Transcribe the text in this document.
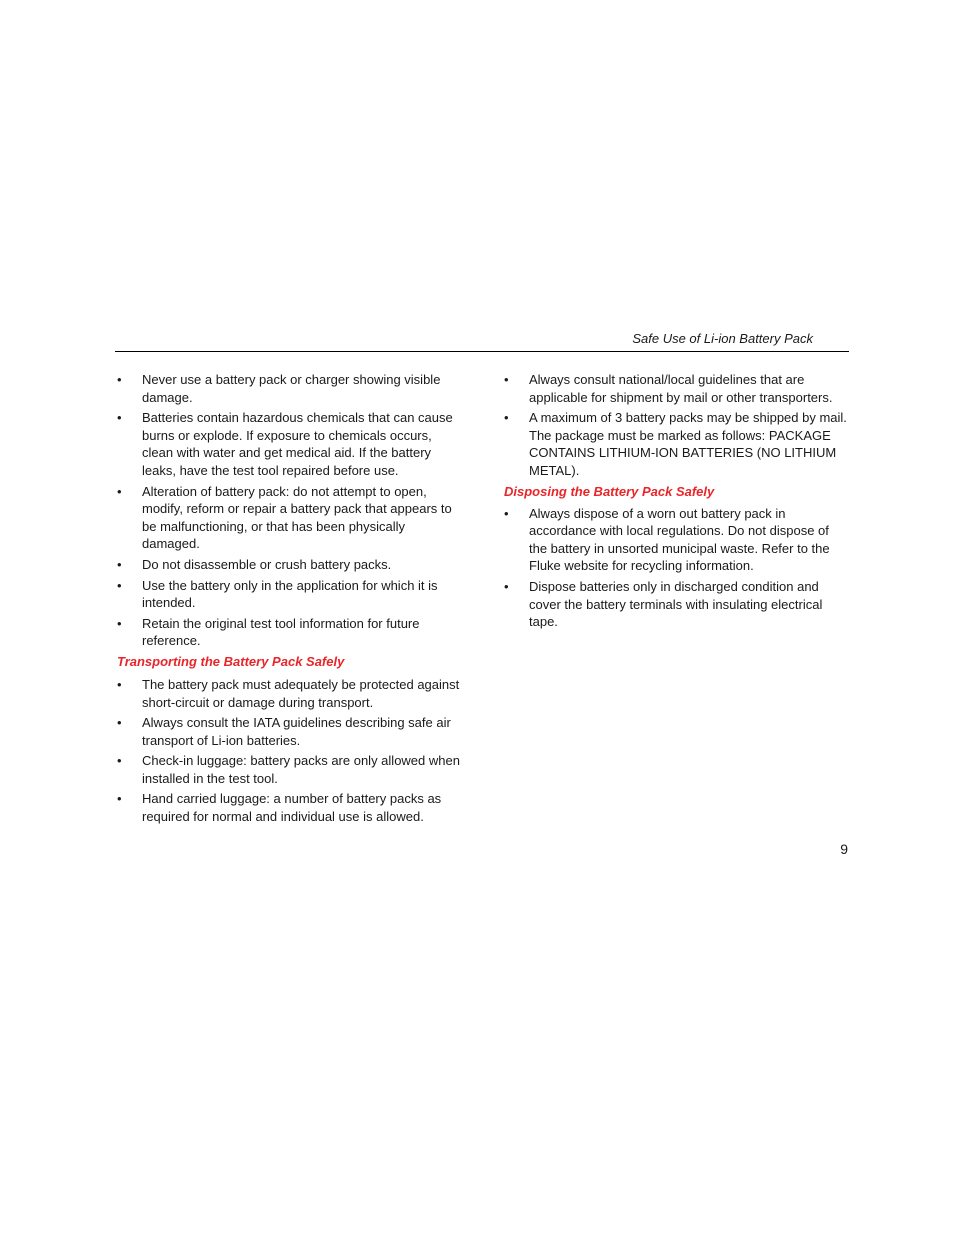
Safe Use of Li-ion Battery Pack
• Never use a battery pack or charger showing visible damage.
• Batteries contain hazardous chemicals that can cause burns or explode. If exposure to chemicals occurs, clean with water and get medical aid. If the battery leaks, have the test tool repaired before use.
• Alteration of battery pack: do not attempt to open, modify, reform or repair a battery pack that appears to be malfunctioning, or that has been physically damaged.
• Do not disassemble or crush battery packs.
• Use the battery only in the application for which it is intended.
• Retain the original test tool information for future reference.
Transporting the Battery Pack Safely
• The battery pack must adequately be protected against short-circuit or damage during transport.
• Always consult the IATA guidelines describing safe air transport of Li-ion batteries.
• Check-in luggage: battery packs are only allowed when installed in the test tool.
• Hand carried luggage: a number of battery packs as required for normal and individual use is allowed.
• Always consult national/local guidelines that are applicable for shipment by mail or other transporters.
• A maximum of 3 battery packs may be shipped by mail. The package must be marked as follows: PACKAGE CONTAINS LITHIUM-ION BATTERIES (NO LITHIUM METAL).
Disposing the Battery Pack Safely
• Always dispose of a worn out battery pack in accordance with local regulations. Do not dispose of the battery in unsorted municipal waste. Refer to the Fluke website for recycling information.
• Dispose batteries only in discharged condition and cover the battery terminals with insulating electrical tape.
9
